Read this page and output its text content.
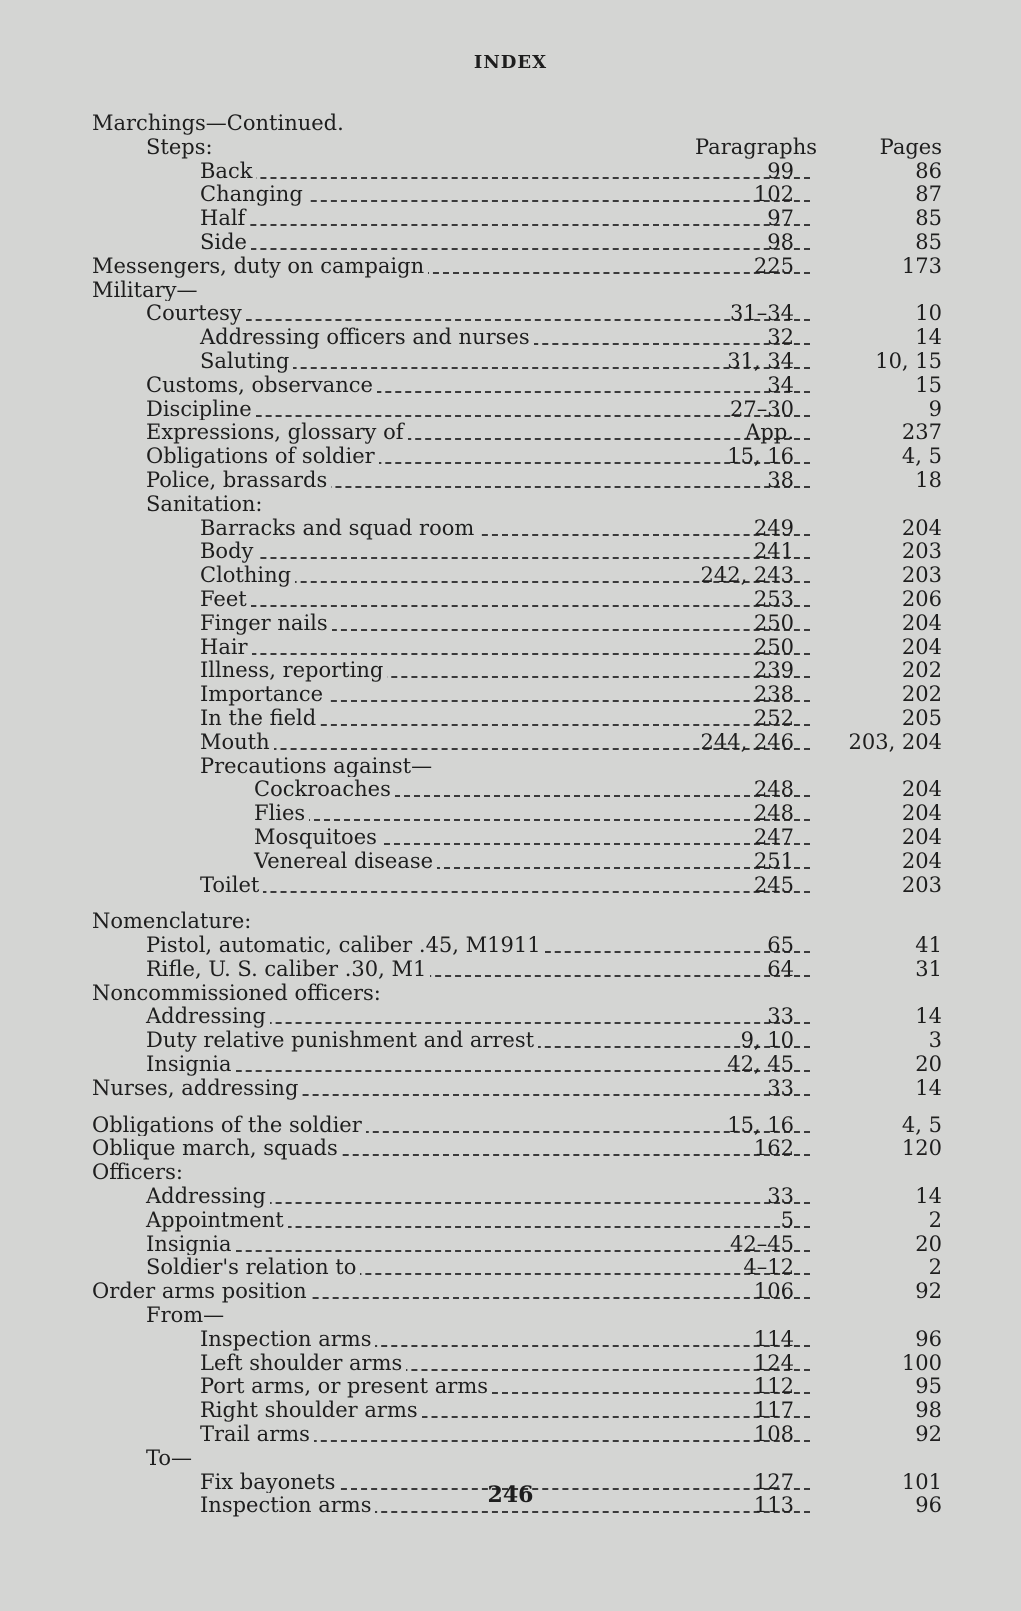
INDEX
Marchings—Continued.
Steps:	Paragraphs	Pages
Back	99	86
Changing	102	87
Half	97	85
Side	98	85
Messengers, duty on campaign	225	173
Military—
Courtesy	31–34	10
Addressing officers and nurses	32	14
Saluting	31, 34	10, 15
Customs, observance	34	15
Discipline	27–30	9
Expressions, glossary of	App.	237
Obligations of soldier	15, 16	4, 5
Police, brassards	38	18
Sanitation:
Barracks and squad room	249	204
Body	241	203
Clothing	242, 243	203
Feet	253	206
Finger nails	250	204
Hair	250	204
Illness, reporting	239	202
Importance	238	202
In the field	252	205
Mouth	244, 246	203, 204
Precautions against—
Cockroaches	248	204
Flies	248	204
Mosquitoes	247	204
Venereal disease	251	204
Toilet	245	203
Nomenclature:
Pistol, automatic, caliber .45, M1911	65	41
Rifle, U. S. caliber .30, M1	64	31
Noncommissioned officers:
Addressing	33	14
Duty relative punishment and arrest	9, 10	3
Insignia	42, 45	20
Nurses, addressing	33	14
Obligations of the soldier	15, 16	4, 5
Oblique march, squads	162	120
Officers:
Addressing	33	14
Appointment	5	2
Insignia	42–45	20
Soldier's relation to	4–12	2
Order arms position	106	92
From—
Inspection arms	114	96
Left shoulder arms	124	100
Port arms, or present arms	112	95
Right shoulder arms	117	98
Trail arms	108	92
To—
Fix bayonets	127	101
Inspection arms	113	96
246
